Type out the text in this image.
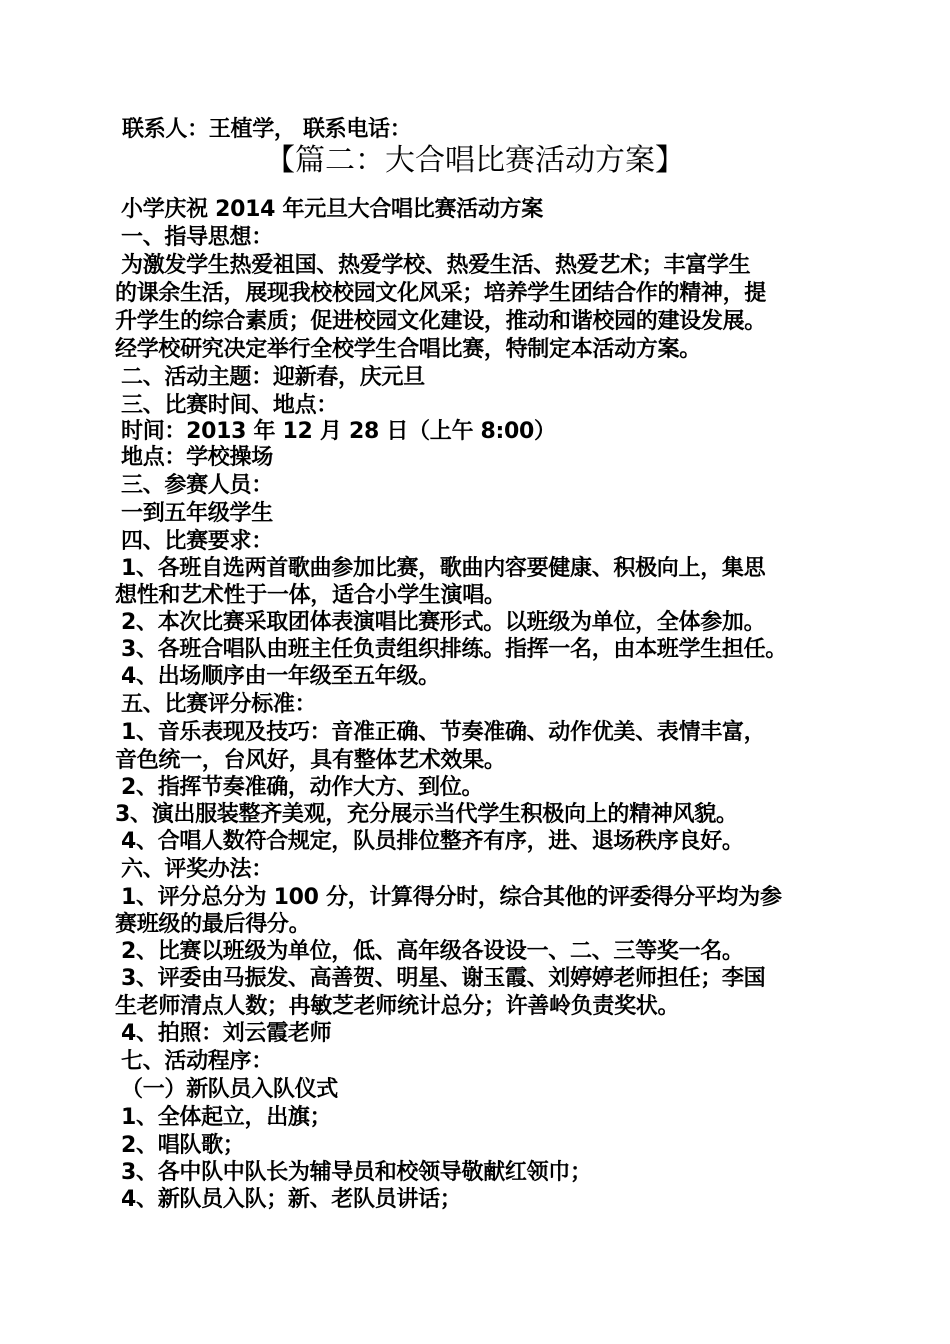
联系人：王植学， 联系电话：
【篇二：大合唱比赛活动方案】
小学庆祝 2014 年元旦大合唱比赛活动方案
一、指导思想：
为激发学生热爱祖国、热爱学校、热爱生活、热爱艺术；丰富学生
的课余生活，展现我校校园文化风采；培养学生团结合作的精神，提
升学生的综合素质；促进校园文化建设，推动和谐校园的建设发展。
经学校研究决定举行全校学生合唱比赛，特制定本活动方案。
二、活动主题：迎新春，庆元旦
三、比赛时间、地点：
时间：2013 年 12 月 28 日（上午 8:00）
地点：学校操场
三、参赛人员：
一到五年级学生
四、比赛要求：
1、各班自选两首歌曲参加比赛，歌曲内容要健康、积极向上，集思
想性和艺术性于一体，适合小学生演唱。
2、本次比赛采取团体表演唱比赛形式。以班级为单位，全体参加。
3、各班合唱队由班主任负责组织排练。指挥一名，由本班学生担任。
4、出场顺序由一年级至五年级。
五、比赛评分标准：
1、音乐表现及技巧：音准正确、节奏准确、动作优美、表情丰富，
音色统一，台风好，具有整体艺术效果。
2、指挥节奏准确，动作大方、到位。
3、演出服装整齐美观，充分展示当代学生积极向上的精神风貌。
4、合唱人数符合规定，队员排位整齐有序，进、退场秩序良好。
六、评奖办法：
1、评分总分为 100 分，计算得分时，综合其他的评委得分平均为参
赛班级的最后得分。
2、比赛以班级为单位，低、高年级各设设一、二、三等奖一名。
3、评委由马振发、高善贺、明星、谢玉霞、刘婷婷老师担任；李国
生老师清点人数；冉敏芝老师统计总分；许善岭负责奖状。
4、拍照：刘云霞老师
七、活动程序：
（一）新队员入队仪式
1、全体起立，出旗；
2、唱队歌；
3、各中队中队长为辅导员和校领导敬献红领巾；
4、新队员入队；新、老队员讲话；
